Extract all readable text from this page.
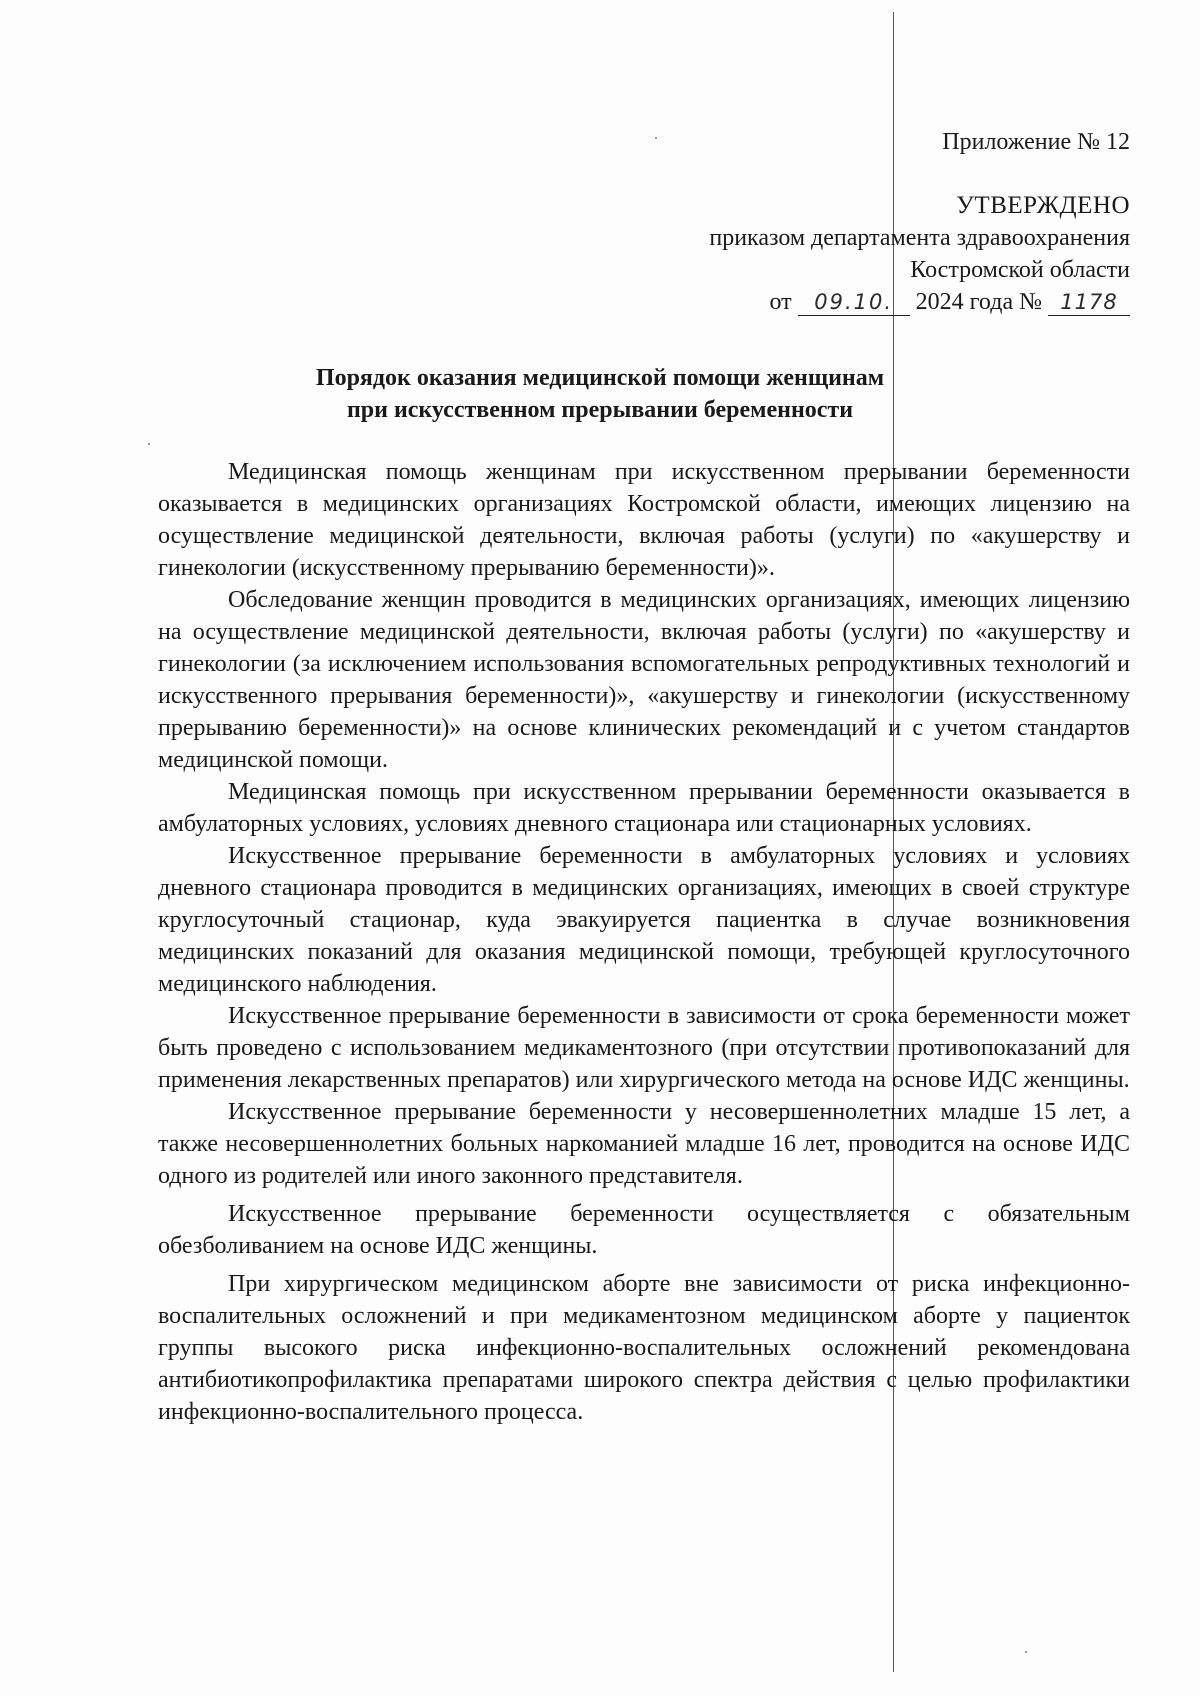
Приложение № 12
УТВЕРЖДЕНО
приказом департамента здравоохранения
Костромской области
от 09.10. 2024 года № 1178
Порядок оказания медицинской помощи женщинам
при искусственном прерывании беременности

Медицинская помощь женщинам при искусственном прерывании беременности оказывается в медицинских организациях Костромской области, имеющих лицензию на осуществление медицинской деятельности, включая работы (услуги) по «акушерству и гинекологии (искусственному прерыванию беременности)».

Обследование женщин проводится в медицинских организациях, имеющих лицензию на осуществление медицинской деятельности, включая работы (услуги) по «акушерству и гинекологии (за исключением использования вспомогательных репродуктивных технологий и искусственного прерывания беременности)», «акушерству и гинекологии (искусственному прерыванию беременности)» на основе клинических рекомендаций и с учетом стандартов медицинской помощи.

Медицинская помощь при искусственном прерывании беременности оказывается в амбулаторных условиях, условиях дневного стационара или стационарных условиях.

Искусственное прерывание беременности в амбулаторных условиях и условиях дневного стационара проводится в медицинских организациях, имеющих в своей структуре круглосуточный стационар, куда эвакуируется пациентка в случае возникновения медицинских показаний для оказания медицинской помощи, требующей круглосуточного медицинского наблюдения.

Искусственное прерывание беременности в зависимости от срока беременности может быть проведено с использованием медикаментозного (при отсутствии противопоказаний для применения лекарственных препаратов) или хирургического метода на основе ИДС женщины.

Искусственное прерывание беременности у несовершеннолетних младше 15 лет, а также несовершеннолетних больных наркоманией младше 16 лет, проводится на основе ИДС одного из родителей или иного законного представителя.

Искусственное прерывание беременности осуществляется с обязательным обезболиванием на основе ИДС женщины.

При хирургическом медицинском аборте вне зависимости от риска инфекционно-воспалительных осложнений и при медикаментозном медицинском аборте у пациенток группы высокого риска инфекционно-воспалительных осложнений рекомендована антибиотикопрофилактика препаратами широкого спектра действия с целью профилактики инфекционно-воспалительного процесса.
